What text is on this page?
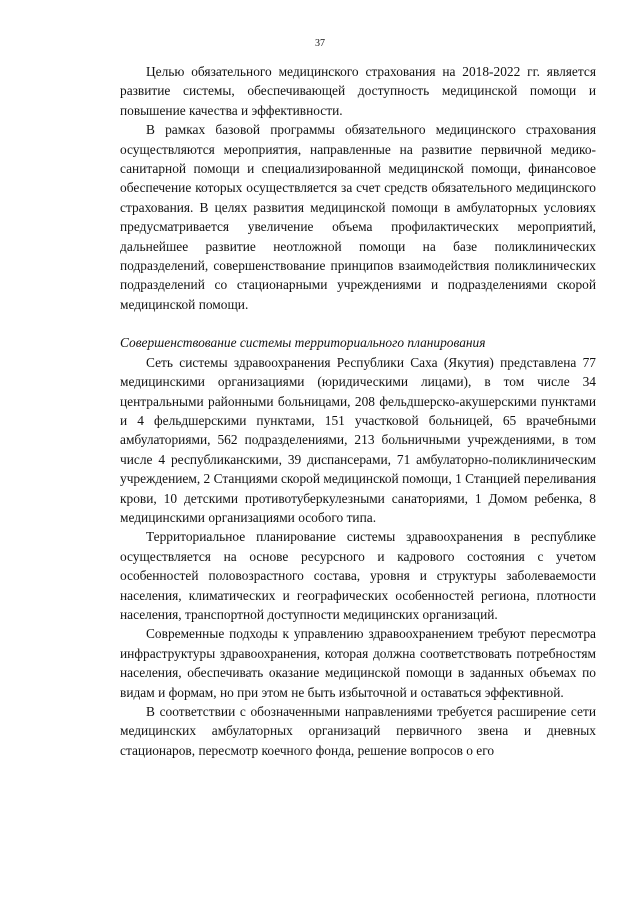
37

Целью обязательного медицинского страхования на 2018-2022 гг. является развитие системы, обеспечивающей доступность медицинской помощи и повышение качества и эффективности.

В рамках базовой программы обязательного медицинского страхования осуществляются мероприятия, направленные на развитие первичной медико-санитарной помощи и специализированной медицинской помощи, финансовое обеспечение которых осуществляется за счет средств обязательного медицинского страхования. В целях развития медицинской помощи в амбулаторных условиях предусматривается увеличение объема профилактических мероприятий, дальнейшее развитие неотложной помощи на базе поликлинических подразделений, совершенствование принципов взаимодействия поликлинических подразделений со стационарными учреждениями и подразделениями скорой медицинской помощи.

Совершенствование системы территориального планирования

Сеть системы здравоохранения Республики Саха (Якутия) представлена 77 медицинскими организациями (юридическими лицами), в том числе 34 центральными районными больницами, 208 фельдшерско-акушерскими пунктами и 4 фельдшерскими пунктами, 151 участковой больницей, 65 врачебными амбулаториями, 562 подразделениями, 213 больничными учреждениями, в том числе 4 республиканскими, 39 диспансерами, 71 амбулаторно-поликлиническим учреждением, 2 Станциями скорой медицинской помощи, 1 Станцией переливания крови, 10 детскими противотуберкулезными санаториями, 1 Домом ребенка, 8 медицинскими организациями особого типа.

Территориальное планирование системы здравоохранения в республике осуществляется на основе ресурсного и кадрового состояния с учетом особенностей половозрастного состава, уровня и структуры заболеваемости населения, климатических и географических особенностей региона, плотности населения, транспортной доступности медицинских организаций.

Современные подходы к управлению здравоохранением требуют пересмотра инфраструктуры здравоохранения, которая должна соответствовать потребностям населения, обеспечивать оказание медицинской помощи в заданных объемах по видам и формам, но при этом не быть избыточной и оставаться эффективной.

В соответствии с обозначенными направлениями требуется расширение сети медицинских амбулаторных организаций первичного звена и дневных стационаров, пересмотр коечного фонда, решение вопросов о его
